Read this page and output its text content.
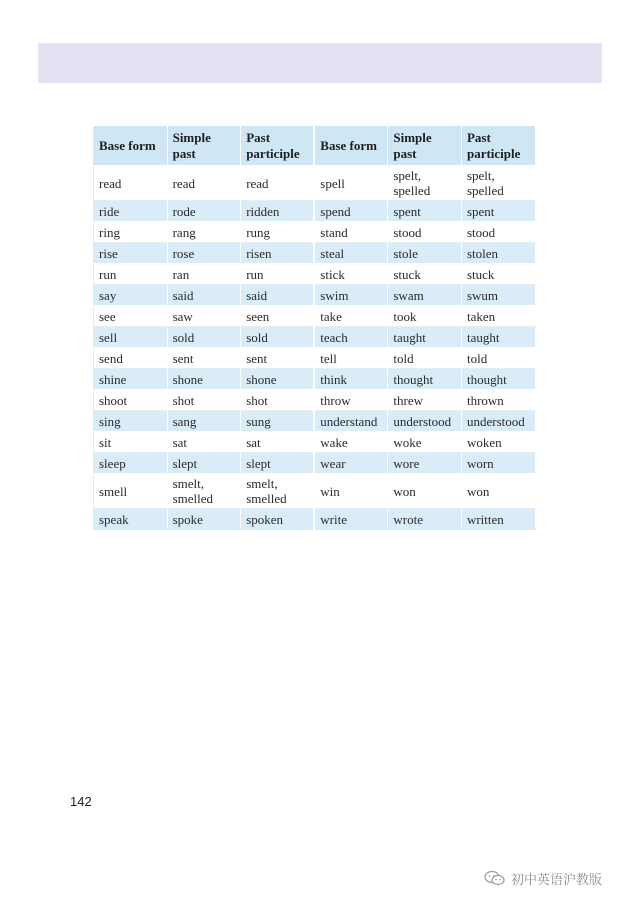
Base form	Simple past	Past participle	Base form	Simple past	Past participle
read	read	read	spell	spelt, spelled	spelt, spelled
ride	rode	ridden	spend	spent	spent
ring	rang	rung	stand	stood	stood
rise	rose	risen	steal	stole	stolen
run	ran	run	stick	stuck	stuck
say	said	said	swim	swam	swum
see	saw	seen	take	took	taken
sell	sold	sold	teach	taught	taught
send	sent	sent	tell	told	told
shine	shone	shone	think	thought	thought
shoot	shot	shot	throw	threw	thrown
sing	sang	sung	understand	understood	understood
sit	sat	sat	wake	woke	woken
sleep	slept	slept	wear	wore	worn
smell	smelt, smelled	smelt, smelled	win	won	won
speak	spoke	spoken	write	wrote	written
142
初中英语沪教版
